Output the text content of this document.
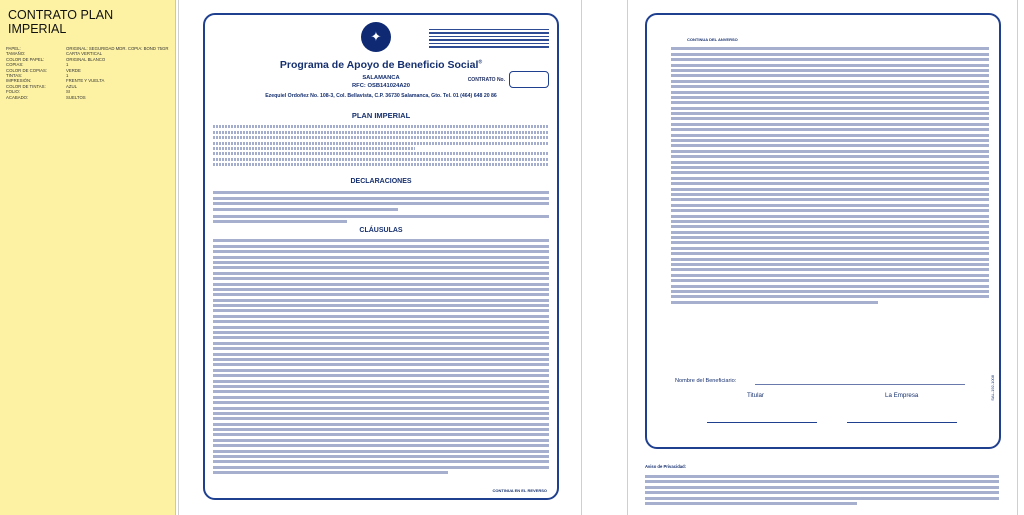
CONTRATO PLAN IMPERIAL
PAPEL:	ORIGINAL: SEGURIDAD MDR. COPIA: BOND 75GR
TAMAÑO:	CARTA VERTICAL
COLOR DE PAPEL:	ORIGINAL BLANCO
COPIAS:	1
COLOR DE COPIAS:	VERDE
TINTAS:	1
IMPRESIÓN:	FRENTE Y VUELTA
COLOR DE TINTAS:	AZUL
FOLIO:	SI
ACABADO:	SUELTOS
✦
Programa de Apoyo de Beneficio Social®
SALAMANCA
RFC: OSB141024A20
CONTRATO No.
Ezequiel Ordoñez No. 108-3, Col. Bellavista, C.P. 36730 Salamanca, Gto. Tel. 01 (464) 648 20 86
PLAN IMPERIAL
DECLARACIONES
CLÁUSULAS
CONTINUA EN EL REVERSO
CONTINUA DEL ANVERSO
Nombre del Beneficiario:
Titular	La Empresa	SAL-192-1008
Aviso de Privacidad:
